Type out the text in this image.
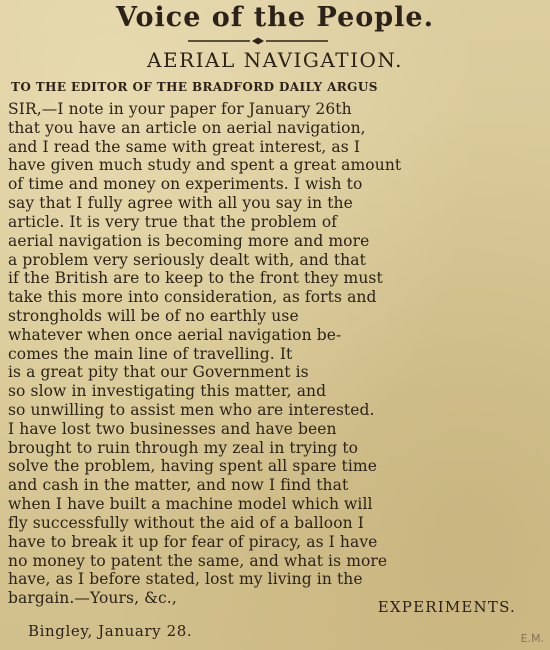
Voice of the People.
AERIAL NAVIGATION.
TO THE EDITOR OF THE BRADFORD DAILY ARGUS
SIR,—I note in your paper for January 26th
that you have an article on aerial navigation,
and I read the same with great interest, as I
have given much study and spent a great amount
of time and money on experiments. I wish to
say that I fully agree with all you say in the
article. It is very true that the problem of
aerial navigation is becoming more and more
a problem very seriously dealt with, and that
if the British are to keep to the front they must
take this more into consideration, as forts and
strongholds will be of no earthly use
whatever when once aerial navigation be-
comes the main line of travelling. It
is a great pity that our Government is
so slow in investigating this matter, and
so unwilling to assist men who are interested.
I have lost two businesses and have been
brought to ruin through my zeal in trying to
solve the problem, having spent all spare time
and cash in the matter, and now I find that
when I have built a machine model which will
fly successfully without the aid of a balloon I
have to break it up for fear of piracy, as I have
no money to patent the same, and what is more
have, as I before stated, lost my living in the
bargain.—Yours, &c.,	EXPERIMENTS.
Bingley, January 28.	E.M.
